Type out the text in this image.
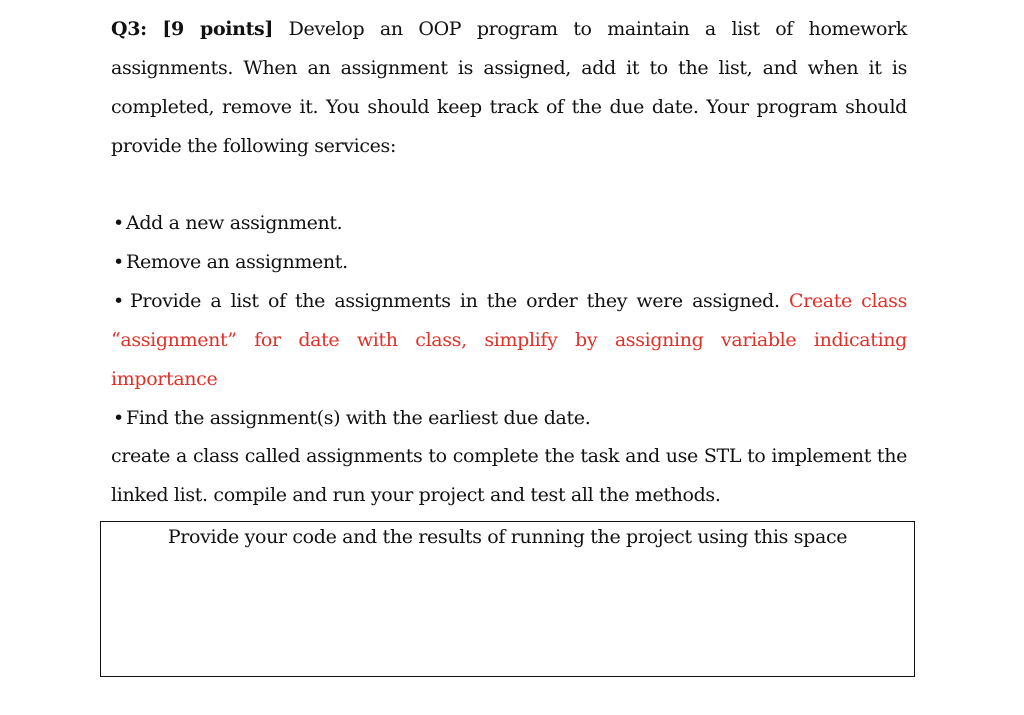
Q3: [9 points] Develop an OOP program to maintain a list of homework
assignments. When an assignment is assigned, add it to the list, and when it is
completed, remove it. You should keep track of the due date. Your program should
provide the following services:
• Add a new assignment.
• Remove an assignment.
• Provide a list of the assignments in the order they were assigned. Create class
“assignment” for date with class, simplify by assigning variable indicating
importance
• Find the assignment(s) with the earliest due date.
create a class called assignments to complete the task and use STL to implement the
linked list. compile and run your project and test all the methods.
Provide your code and the results of running the project using this space
